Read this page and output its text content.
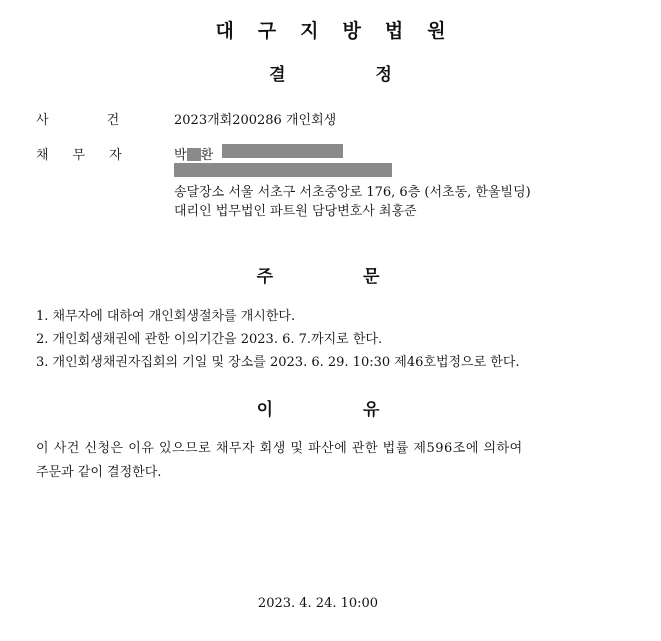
대구지방법원
결	정
사건	2023개회200286 개인회생
채무자	박 환
송달장소 서울 서초구 서초중앙로 176, 6층 (서초동, 한울빌딩)
대리인 법무법인 파트원 담당변호사 최홍준
주	문
1. 채무자에 대하여 개인회생절차를 개시한다.
2. 개인회생채권에 관한 이의기간을 2023. 6. 7.까지로 한다.
3. 개인회생채권자집회의 기일 및 장소를 2023. 6. 29. 10:30 제46호법정으로 한다.
이	유
이 사건 신청은 이유 있으므로 채무자 회생 및 파산에 관한 법률 제596조에 의하여
주문과 같이 결정한다.
2023. 4. 24. 10:00
